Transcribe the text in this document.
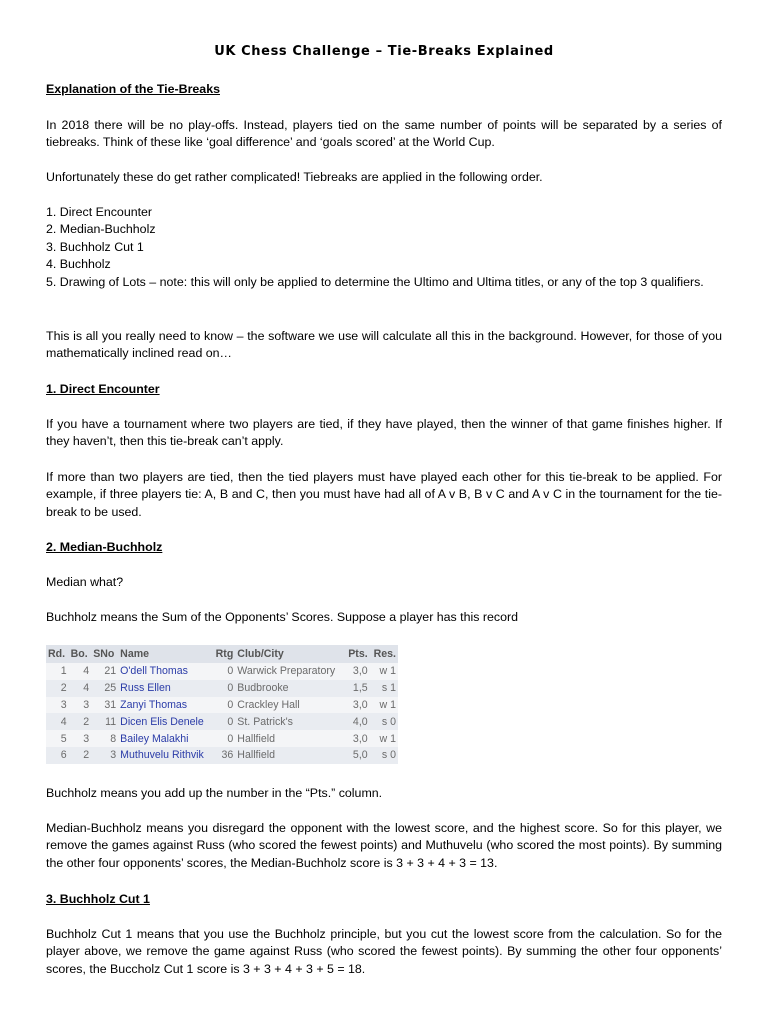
UK Chess Challenge – Tie-Breaks Explained

Explanation of the Tie-Breaks

In 2018 there will be no play-offs. Instead, players tied on the same number of points will be separated by a series of tiebreaks. Think of these like ‘goal difference’ and ‘goals scored’ at the World Cup.

Unfortunately these do get rather complicated! Tiebreaks are applied in the following order.

1. Direct Encounter
2. Median-Buchholz
3. Buchholz Cut 1
4. Buchholz
5. Drawing of Lots – note: this will only be applied to determine the Ultimo and Ultima titles, or any of the top 3 qualifiers.

This is all you really need to know – the software we use will calculate all this in the background. However, for those of you mathematically inclined read on…

1. Direct Encounter

If you have a tournament where two players are tied, if they have played, then the winner of that game finishes higher. If they haven’t, then this tie-break can’t apply.

If more than two players are tied, then the tied players must have played each other for this tie-break to be applied. For example, if three players tie: A, B and C, then you must have had all of A v B, B v C and A v C in the tournament for the tie-break to be used.

2. Median-Buchholz

Median what?

Buchholz means the Sum of the Opponents’ Scores. Suppose a player has this record

Rd.	Bo.	SNo	Name	Rtg	Club/City	Pts.	Res.
1	4	21	O'dell Thomas	0	Warwick Preparatory	3,0	w 1
2	4	25	Russ Ellen	0	Budbrooke	1,5	s 1
3	3	31	Zanyi Thomas	0	Crackley Hall	3,0	w 1
4	2	11	Dicen Elis Denele	0	St. Patrick's	4,0	s 0
5	3	8	Bailey Malakhi	0	Hallfield	3,0	w 1
6	2	3	Muthuvelu Rithvik	36	Hallfield	5,0	s 0

Buchholz means you add up the number in the “Pts.” column.

Median-Buchholz means you disregard the opponent with the lowest score, and the highest score. So for this player, we remove the games against Russ (who scored the fewest points) and Muthuvelu (who scored the most points). By summing the other four opponents’ scores, the Median-Buchholz score is 3 + 3 + 4 + 3 = 13.

3. Buchholz Cut 1

Buchholz Cut 1 means that you use the Buchholz principle, but you cut the lowest score from the calculation. So for the player above, we remove the game against Russ (who scored the fewest points). By summing the other four opponents’ scores, the Buccholz Cut 1 score is 3 + 3 + 4 + 3 + 5 = 18.
